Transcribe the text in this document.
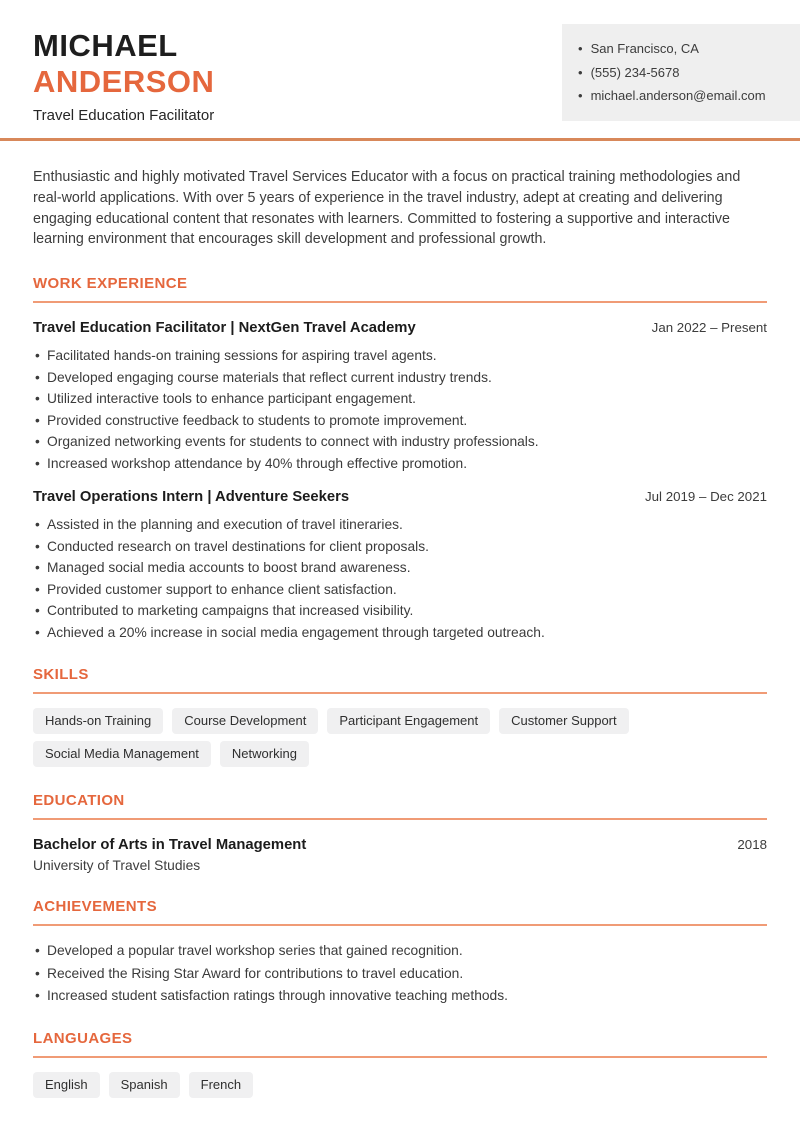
MICHAEL
ANDERSON
Travel Education Facilitator
• San Francisco, CA
• (555) 234-5678
• michael.anderson@email.com

Enthusiastic and highly motivated Travel Services Educator with a focus on practical training methodologies and real-world applications. With over 5 years of experience in the travel industry, adept at creating and delivering engaging educational content that resonates with learners. Committed to fostering a supportive and interactive learning environment that encourages skill development and professional growth.

WORK EXPERIENCE
Travel Education Facilitator | NextGen Travel Academy	Jan 2022 – Present
• Facilitated hands-on training sessions for aspiring travel agents.
• Developed engaging course materials that reflect current industry trends.
• Utilized interactive tools to enhance participant engagement.
• Provided constructive feedback to students to promote improvement.
• Organized networking events for students to connect with industry professionals.
• Increased workshop attendance by 40% through effective promotion.
Travel Operations Intern | Adventure Seekers	Jul 2019 – Dec 2021
• Assisted in the planning and execution of travel itineraries.
• Conducted research on travel destinations for client proposals.
• Managed social media accounts to boost brand awareness.
• Provided customer support to enhance client satisfaction.
• Contributed to marketing campaigns that increased visibility.
• Achieved a 20% increase in social media engagement through targeted outreach.
SKILLS
Hands-on Training	Course Development	Participant Engagement	Customer Support
Social Media Management	Networking
EDUCATION
Bachelor of Arts in Travel Management	2018
University of Travel Studies
ACHIEVEMENTS
• Developed a popular travel workshop series that gained recognition.
• Received the Rising Star Award for contributions to travel education.
• Increased student satisfaction ratings through innovative teaching methods.
LANGUAGES
English	Spanish	French
